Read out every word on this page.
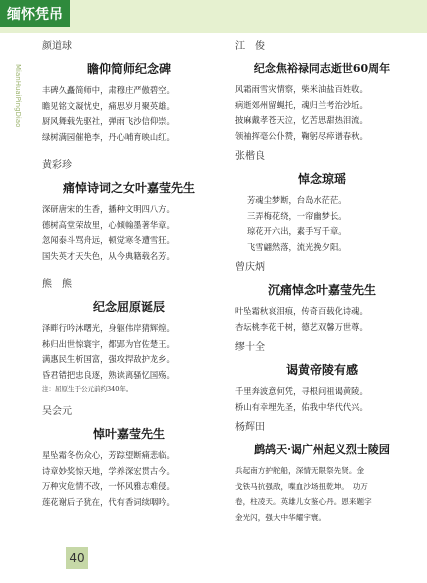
缅怀凭吊
MianHuaiPingDiao

颜道球

瞻仰简师纪念碑

丰碑久矗简师中，肃穆庄严傲碧空。

瞻见铭文凝忧史，痛思岁月聚英雄。

厨风舞载先驱社，弹雨飞沙信仰崇。

绿树满园催艳李，丹心哺育映山红。

黄彩珍

痛悼诗词之女叶嘉莹先生

深研唐宋的生香，播种文明四八方。

德树高堂荣故里，心倾翰墨著华章。

忽闻泰斗骂舟远，顿觉寒冬遭雪狂。

国失英才天失色，从今典籍载名芳。

熊　熊

纪念屈原诞辰

泽畔行吟沐曙光，身躯伟岸猜辉煌。

秭归出世惊寰宇，都郢为官佐楚王。

满惠民生析国富，强攻捍敌护龙乡。

昏君错把忠良逐，熟读离骚忆国殇。

注：屈原生于公元前约340年。

吴会元

悼叶嘉莹先生

星坠霜冬伤众心，芳踪望断痛悲临。

诗章妙奖惊天地，学养深宏贯古今。

万种灾危情不改，一怀风雅志难侵。

莲花谢后子犹在，代有香词续咽吟。

江　俊

纪念焦裕禄同志逝世60周年

风霜雨雪灾情察，柴米油盐百姓收。

病逝郊州留蝇托，魂归兰考治沙坵。

披麻戴孝苍天泣，忆苦思甜热泪流。

领袖挥毫公仆赞，鞠躬尽瘁谱春秋。

张楷良

悼念琼瑶

芳魂尘梦断，台岛水茫茫。

三弄梅花绕，一帘幽梦长。

琼花开六出，素手写千章。

飞雪翩然落，流光挽夕阳。

曾庆炳

沉痛悼念叶嘉莹先生

叶坠霜秋哀泪痕，传奇百载化诗魂。

杏坛桃李花千树，德艺双馨万世尊。

缪十全

谒黄帝陵有感

千里奔波意何凭，寻根问祖谒黄陵。

桥山有幸埋先圣，佑我中华代代兴。

杨辉田

鹧鸪天·谒广州起义烈士陵园

兵起南方护舵船，深情无限祭先贤。金

戈铁马抗强敌，喋血沙场扭乾坤。　功万

卷，柱凌天。英雄儿女鉴心丹。恩来题字

金光闪，强大中华耀宇寰。

40
